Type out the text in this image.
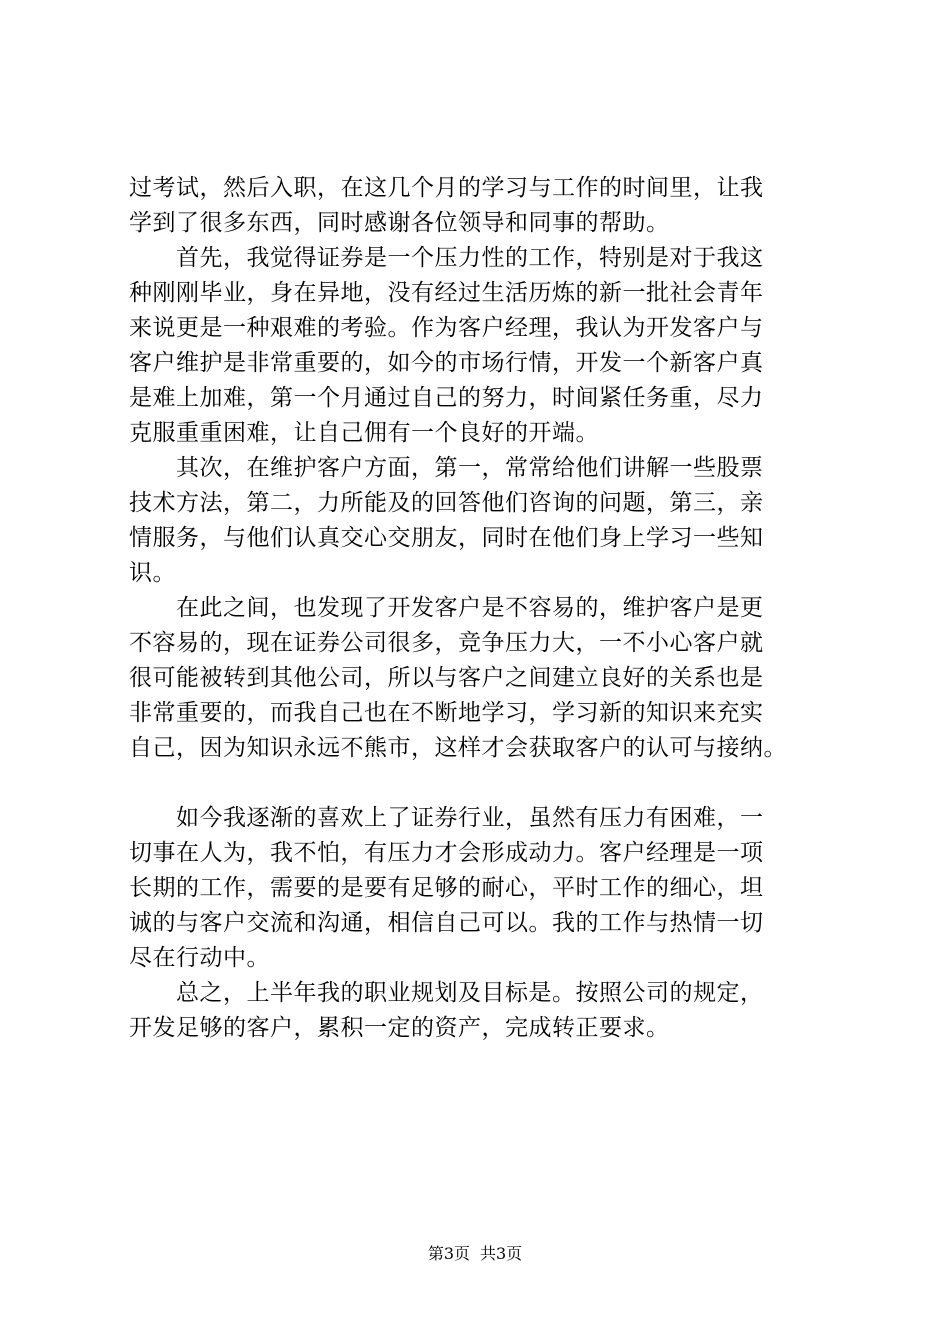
过考试，然后入职，在这几个月的学习与工作的时间里，让我
学到了很多东西，同时感谢各位领导和同事的帮助。
　　首先，我觉得证券是一个压力性的工作，特别是对于我这
种刚刚毕业，身在异地，没有经过生活历炼的新一批社会青年
来说更是一种艰难的考验。作为客户经理，我认为开发客户与
客户维护是非常重要的，如今的市场行情，开发一个新客户真
是难上加难，第一个月通过自己的努力，时间紧任务重，尽力
克服重重困难，让自己佣有一个良好的开端。
　　其次，在维护客户方面，第一，常常给他们讲解一些股票
技术方法，第二，力所能及的回答他们咨询的问题，第三，亲
情服务，与他们认真交心交朋友，同时在他们身上学习一些知
识。
　　在此之间，也发现了开发客户是不容易的，维护客户是更
不容易的，现在证券公司很多，竞争压力大，一不小心客户就
很可能被转到其他公司，所以与客户之间建立良好的关系也是
非常重要的，而我自己也在不断地学习，学习新的知识来充实
自己，因为知识永远不熊市，这样才会获取客户的认可与接纳。
　　如今我逐渐的喜欢上了证券行业，虽然有压力有困难，一
切事在人为，我不怕，有压力才会形成动力。客户经理是一项
长期的工作，需要的是要有足够的耐心，平时工作的细心，坦
诚的与客户交流和沟通，相信自己可以。我的工作与热情一切
尽在行动中。
　　总之，上半年我的职业规划及目标是。按照公司的规定，
开发足够的客户，累积一定的资产，完成转正要求。
第3页 共3页
